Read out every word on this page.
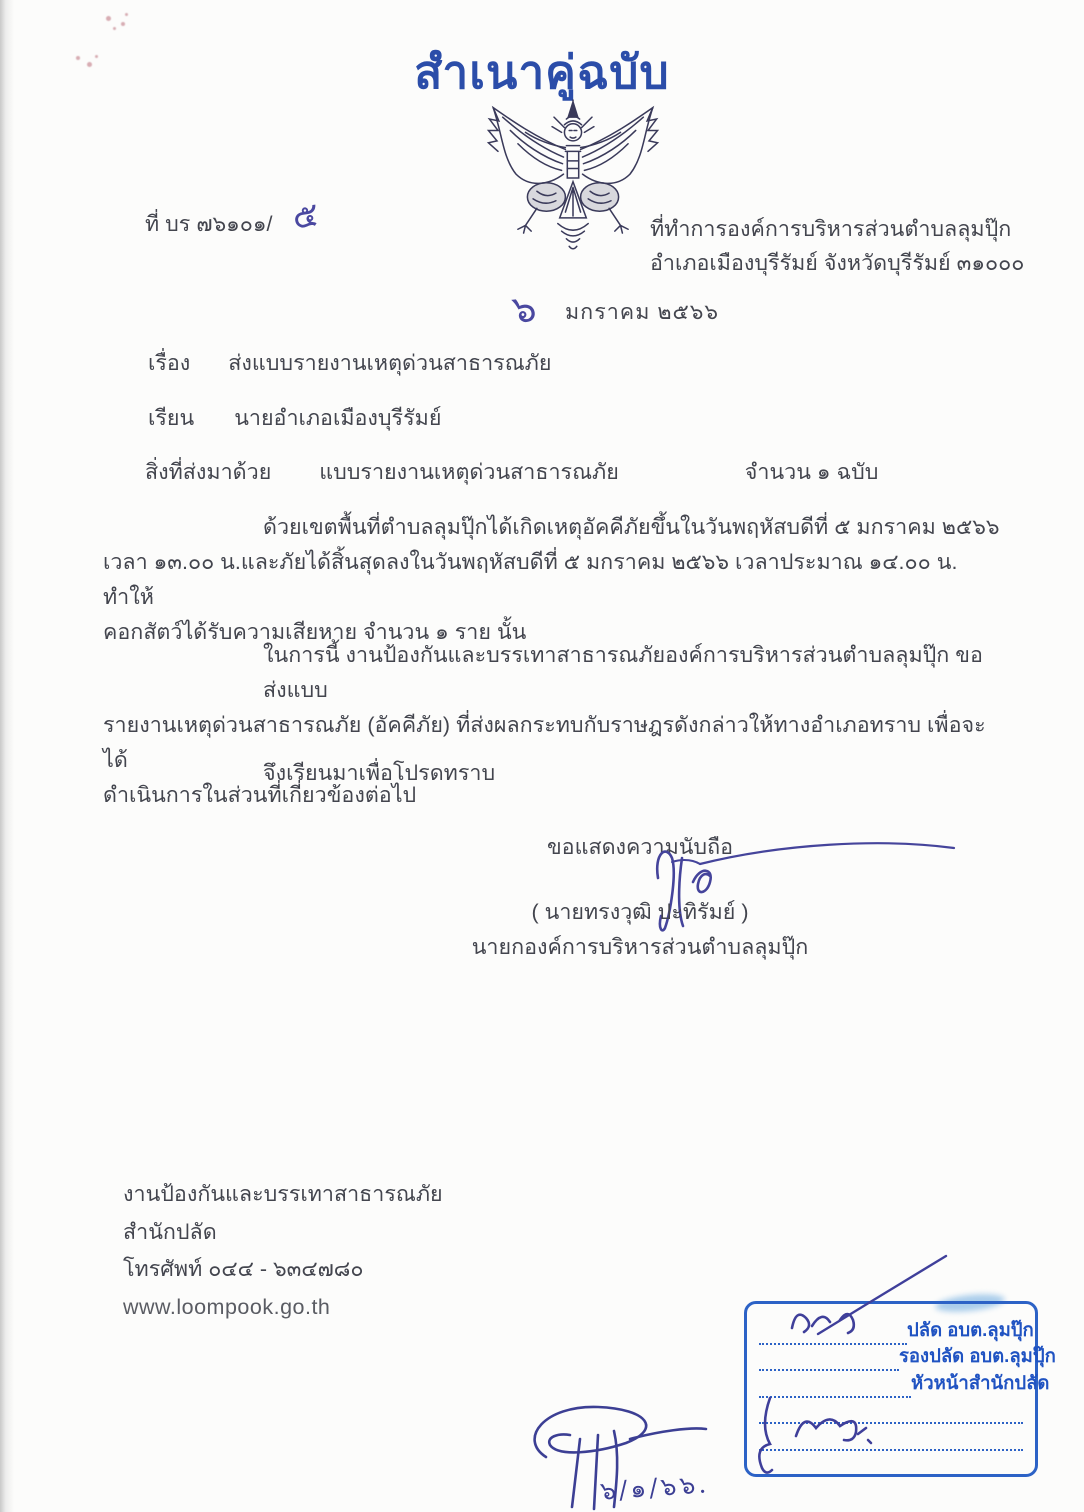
สำเนาคู่ฉบับ
ที่ บร ๗๖๑๐๑/ ๕	ที่ทำการองค์การบริหารส่วนตำบลลุมปุ๊ก
อำเภอเมืองบุรีรัมย์ จังหวัดบุรีรัมย์ ๓๑๐๐๐
๖ มกราคม ๒๕๖๖
เรื่อง ส่งแบบรายงานเหตุด่วนสาธารณภัย
เรียน นายอำเภอเมืองบุรีรัมย์
สิ่งที่ส่งมาด้วย แบบรายงานเหตุด่วนสาธารณภัย	จำนวน ๑ ฉบับ
ด้วยเขตพื้นที่ตำบลลุมปุ๊กได้เกิดเหตุอัคคีภัยขึ้นในวันพฤหัสบดีที่ ๕ มกราคม ๒๕๖๖
เวลา ๑๓.๐๐ น.และภัยได้สิ้นสุดลงในวันพฤหัสบดีที่ ๕ มกราคม ๒๕๖๖ เวลาประมาณ ๑๔.๐๐ น. ทำให้
คอกสัตว์ได้รับความเสียหาย จำนวน ๑ ราย นั้น
ในการนี้ งานป้องกันและบรรเทาสาธารณภัยองค์การบริหารส่วนตำบลลุมปุ๊ก ขอส่งแบบ
รายงานเหตุด่วนสาธารณภัย (อัคคีภัย) ที่ส่งผลกระทบกับราษฎรดังกล่าวให้ทางอำเภอทราบ เพื่อจะได้
ดำเนินการในส่วนที่เกี่ยวข้องต่อไป
จึงเรียนมาเพื่อโปรดทราบ
ขอแสดงความนับถือ
( นายทรงวุฒิ ปะทิรัมย์ )
นายกองค์การบริหารส่วนตำบลลุมปุ๊ก
งานป้องกันและบรรเทาสาธารณภัย
สำนักปลัด
โทรศัพท์ ๐๔๔ - ๖๓๔๗๘๐
www.loompook.go.th
ปลัด อบต.ลุมปุ๊ก
รองปลัด อบต.ลุมปุ๊ก
หัวหน้าสำนักปลัด
๖/๑/๖๖.
